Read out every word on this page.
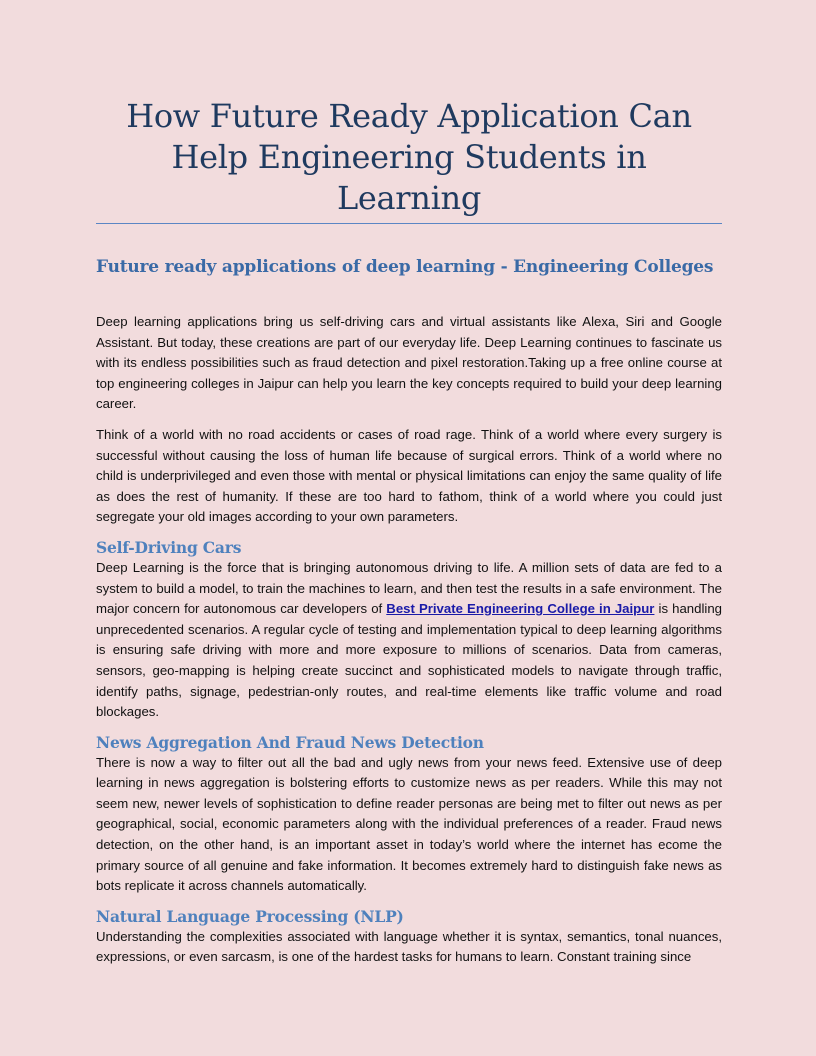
How Future Ready Application Can Help Engineering Students in Learning
Future ready applications of deep learning - Engineering Colleges

Deep learning applications bring us self-driving cars and virtual assistants like Alexa, Siri and Google Assistant. But today, these creations are part of our everyday life. Deep Learning continues to fascinate us with its endless possibilities such as fraud detection and pixel restoration.Taking up a free online course at top engineering colleges in Jaipur can help you learn the key concepts required to build your deep learning career.

Think of a world with no road accidents or cases of road rage. Think of a world where every surgery is successful without causing the loss of human life because of surgical errors. Think of a world where no child is underprivileged and even those with mental or physical limitations can enjoy the same quality of life as does the rest of humanity. If these are too hard to fathom, think of a world where you could just segregate your old images according to your own parameters.

Self-Driving Cars

Deep Learning is the force that is bringing autonomous driving to life. A million sets of data are fed to a system to build a model, to train the machines to learn, and then test the results in a safe environment. The major concern for autonomous car developers of Best Private Engineering College in Jaipur is handling unprecedented scenarios. A regular cycle of testing and implementation typical to deep learning algorithms is ensuring safe driving with more and more exposure to millions of scenarios. Data from cameras, sensors, geo-mapping is helping create succinct and sophisticated models to navigate through traffic, identify paths, signage, pedestrian-only routes, and real-time elements like traffic volume and road blockages.

News Aggregation And Fraud News Detection

There is now a way to filter out all the bad and ugly news from your news feed. Extensive use of deep learning in news aggregation is bolstering efforts to customize news as per readers. While this may not seem new, newer levels of sophistication to define reader personas are being met to filter out news as per geographical, social, economic parameters along with the individual preferences of a reader. Fraud news detection, on the other hand, is an important asset in today’s world where the internet has ecome the primary source of all genuine and fake information. It becomes extremely hard to distinguish fake news as bots replicate it across channels automatically.

Natural Language Processing (NLP)

Understanding the complexities associated with language whether it is syntax, semantics, tonal nuances, expressions, or even sarcasm, is one of the hardest tasks for humans to learn. Constant training since
